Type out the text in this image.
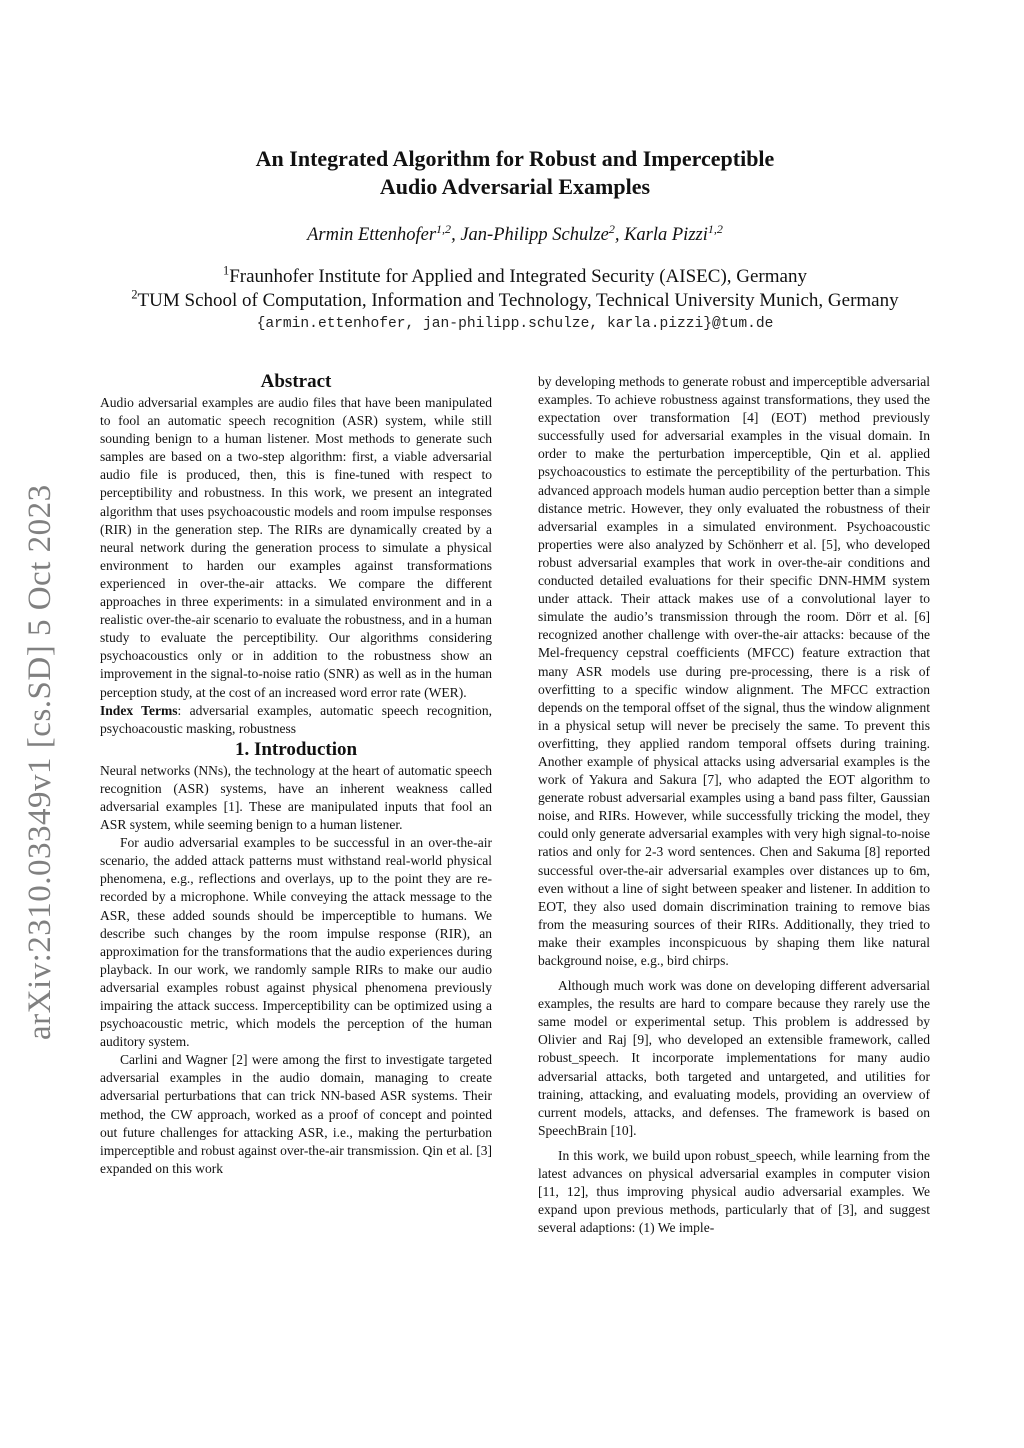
arXiv:2310.03349v1 [cs.SD] 5 Oct 2023
An Integrated Algorithm for Robust and Imperceptible
Audio Adversarial Examples
Armin Ettenhofer$^{1,2}$, Jan-Philipp Schulze$^2$, Karla Pizzi$^{1,2}$
$^1$Fraunhofer Institute for Applied and Integrated Security (AISEC), Germany
$^2$TUM School of Computation, Information and Technology, Technical University Munich, Germany
{armin.ettenhofer, jan-philipp.schulze, karla.pizzi}@tum.de

Abstract

Audio adversarial examples are audio files that have been manipulated to fool an automatic speech recognition (ASR) system, while still sounding benign to a human listener. Most methods to generate such samples are based on a two-step algorithm: first, a viable adversarial audio file is produced, then, this is fine-tuned with respect to perceptibility and robustness. In this work, we present an integrated algorithm that uses psychoacoustic models and room impulse responses (RIR) in the generation step. The RIRs are dynamically created by a neural network during the generation process to simulate a physical environment to harden our examples against transformations experienced in over-the-air attacks. We compare the different approaches in three experiments: in a simulated environment and in a realistic over-the-air scenario to evaluate the robustness, and in a human study to evaluate the perceptibility. Our algorithms considering psychoacoustics only or in addition to the robustness show an improvement in the signal-to-noise ratio (SNR) as well as in the human perception study, at the cost of an increased word error rate (WER).

Index Terms: adversarial examples, automatic speech recognition, psychoacoustic masking, robustness

1. Introduction

Neural networks (NNs), the technology at the heart of automatic speech recognition (ASR) systems, have an inherent weakness called adversarial examples [1]. These are manipulated inputs that fool an ASR system, while seeming benign to a human listener.

For audio adversarial examples to be successful in an over-the-air scenario, the added attack patterns must withstand real-world physical phenomena, e.g., reflections and overlays, up to the point they are re-recorded by a microphone. While conveying the attack message to the ASR, these added sounds should be imperceptible to humans. We describe such changes by the room impulse response (RIR), an approximation for the transformations that the audio experiences during playback. In our work, we randomly sample RIRs to make our audio adversarial examples robust against physical phenomena previously impairing the attack success. Imperceptibility can be optimized using a psychoacoustic metric, which models the perception of the human auditory system.

Carlini and Wagner [2] were among the first to investigate targeted adversarial examples in the audio domain, managing to create adversarial perturbations that can trick NN-based ASR systems. Their method, the CW approach, worked as a proof of concept and pointed out future challenges for attacking ASR, i.e., making the perturbation imperceptible and robust against over-the-air transmission. Qin et al. [3] expanded on this work

by developing methods to generate robust and imperceptible adversarial examples. To achieve robustness against transformations, they used the expectation over transformation [4] (EOT) method previously successfully used for adversarial examples in the visual domain. In order to make the perturbation imperceptible, Qin et al. applied psychoacoustics to estimate the perceptibility of the perturbation. This advanced approach models human audio perception better than a simple distance metric. However, they only evaluated the robustness of their adversarial examples in a simulated environment. Psychoacoustic properties were also analyzed by Schönherr et al. [5], who developed robust adversarial examples that work in over-the-air conditions and conducted detailed evaluations for their specific DNN-HMM system under attack. Their attack makes use of a convolutional layer to simulate the audio’s transmission through the room. Dörr et al. [6] recognized another challenge with over-the-air attacks: because of the Mel-frequency cepstral coefficients (MFCC) feature extraction that many ASR models use during pre-processing, there is a risk of overfitting to a specific window alignment. The MFCC extraction depends on the temporal offset of the signal, thus the window alignment in a physical setup will never be precisely the same. To prevent this overfitting, they applied random temporal offsets during training. Another example of physical attacks using adversarial examples is the work of Yakura and Sakura [7], who adapted the EOT algorithm to generate robust adversarial examples using a band pass filter, Gaussian noise, and RIRs. However, while successfully tricking the model, they could only generate adversarial examples with very high signal-to-noise ratios and only for 2-3 word sentences. Chen and Sakuma [8] reported successful over-the-air adversarial examples over distances up to 6m, even without a line of sight between speaker and listener. In addition to EOT, they also used domain discrimination training to remove bias from the measuring sources of their RIRs. Additionally, they tried to make their examples inconspicuous by shaping them like natural background noise, e.g., bird chirps.

Although much work was done on developing different adversarial examples, the results are hard to compare because they rarely use the same model or experimental setup. This problem is addressed by Olivier and Raj [9], who developed an extensible framework, called robust_speech. It incorporate implementations for many audio adversarial attacks, both targeted and untargeted, and utilities for training, attacking, and evaluating models, providing an overview of current models, attacks, and defenses. The framework is based on SpeechBrain [10].

In this work, we build upon robust_speech, while learning from the latest advances on physical adversarial examples in computer vision [11, 12], thus improving physical audio adversarial examples. We expand upon previous methods, particularly that of [3], and suggest several adaptions: (1) We imple-
